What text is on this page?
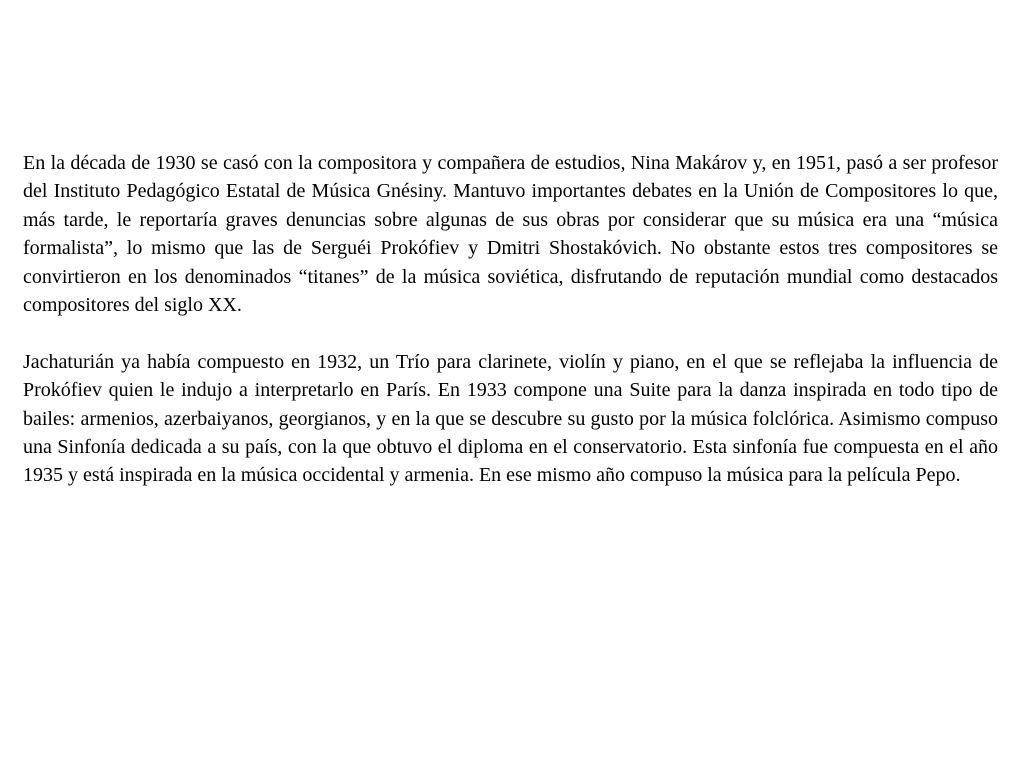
En la década de 1930 se casó con la compositora y compañera de estudios, Nina Makárov y, en 1951, pasó a ser profesor del Instituto Pedagógico Estatal de Música Gnésiny. Mantuvo importantes debates en la Unión de Compositores lo que, más tarde, le reportaría graves denuncias sobre algunas de sus obras por considerar que su música era una “música formalista”, lo mismo que las de Serguéi Prokófiev y Dmitri Shostakóvich. No obstante estos tres compositores se convirtieron en los denominados “titanes” de la música soviética, disfrutando de reputación mundial como destacados compositores del siglo XX.

Jachaturián ya había compuesto en 1932, un Trío para clarinete, violín y piano, en el que se reflejaba la influencia de Prokófiev quien le indujo a interpretarlo en París. En 1933 compone una Suite para la danza inspirada en todo tipo de bailes: armenios, azerbaiyanos, georgianos, y en la que se descubre su gusto por la música folclórica. Asimismo compuso una Sinfonía dedicada a su país, con la que obtuvo el diploma en el conservatorio. Esta sinfonía fue compuesta en el año 1935 y está inspirada en la música occidental y armenia. En ese mismo año compuso la música para la película Pepo.
